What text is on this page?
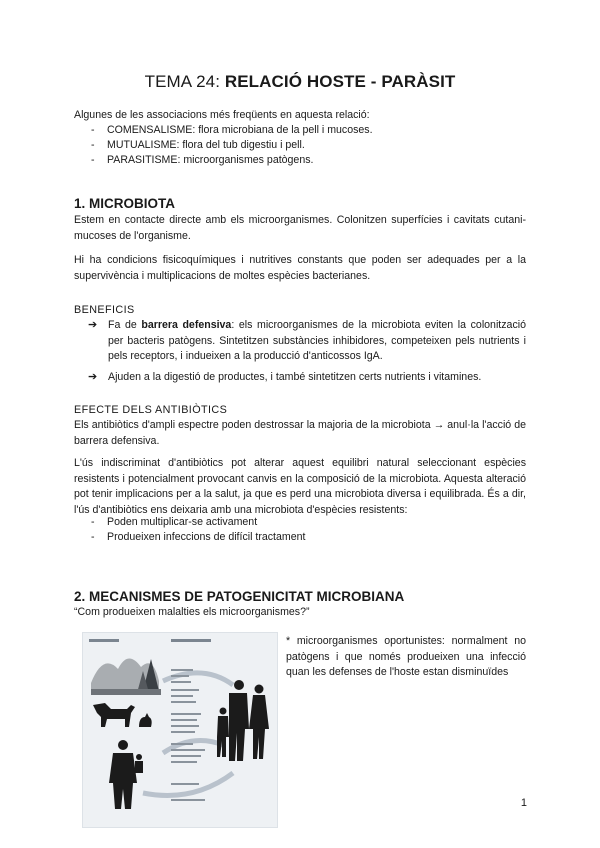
TEMA 24: RELACIÓ HOSTE - PARÀSIT
Algunes de les associacions més freqüents en aquesta relació:
- COMENSALISME: flora microbiana de la pell i mucoses.
- MUTUALISME: flora del tub digestiu i pell.
- PARASITISME: microorganismes patògens.
1. MICROBIOTA
Estem en contacte directe amb els microorganismes. Colonitzen superfícies i cavitats cutani-mucoses de l'organisme.
Hi ha condicions fisicoquímiques i nutritives constants que poden ser adequades per a la supervivència i multiplicacions de moltes espècies bacterianes.
BENEFICIS
➔ Fa de barrera defensiva: els microorganismes de la microbiota eviten la colonització per bacteris patògens. Sintetitzen substàncies inhibidores, competeixen pels nutrients i pels receptors, i indueixen a la producció d'anticossos IgA.
➔ Ajuden a la digestió de productes, i també sintetitzen certs nutrients i vitamines.
EFECTE DELS ANTIBIÒTICS
Els antibiòtics d'ampli espectre poden destrossar la majoria de la microbiota → anul·la l'acció de barrera defensiva.
L'ús indiscriminat d'antibiòtics pot alterar aquest equilibri natural seleccionant espècies resistents i potencialment provocant canvis en la composició de la microbiota. Aquesta alteració pot tenir implicacions per a la salut, ja que es perd una microbiota diversa i equilibrada. És a dir, l'ús d'antibiòtics ens deixaria amb una microbiota d'espècies resistents:
- Poden multiplicar-se activament
- Produeixen infeccions de difícil tractament
2. MECANISMES DE PATOGENICITAT MICROBIANA
“Com produeixen malalties els microorganismes?”
* microorganismes oportunistes: normalment no patògens i que només produeixen una infecció quan les defenses de l'hoste estan disminuïdes
1
